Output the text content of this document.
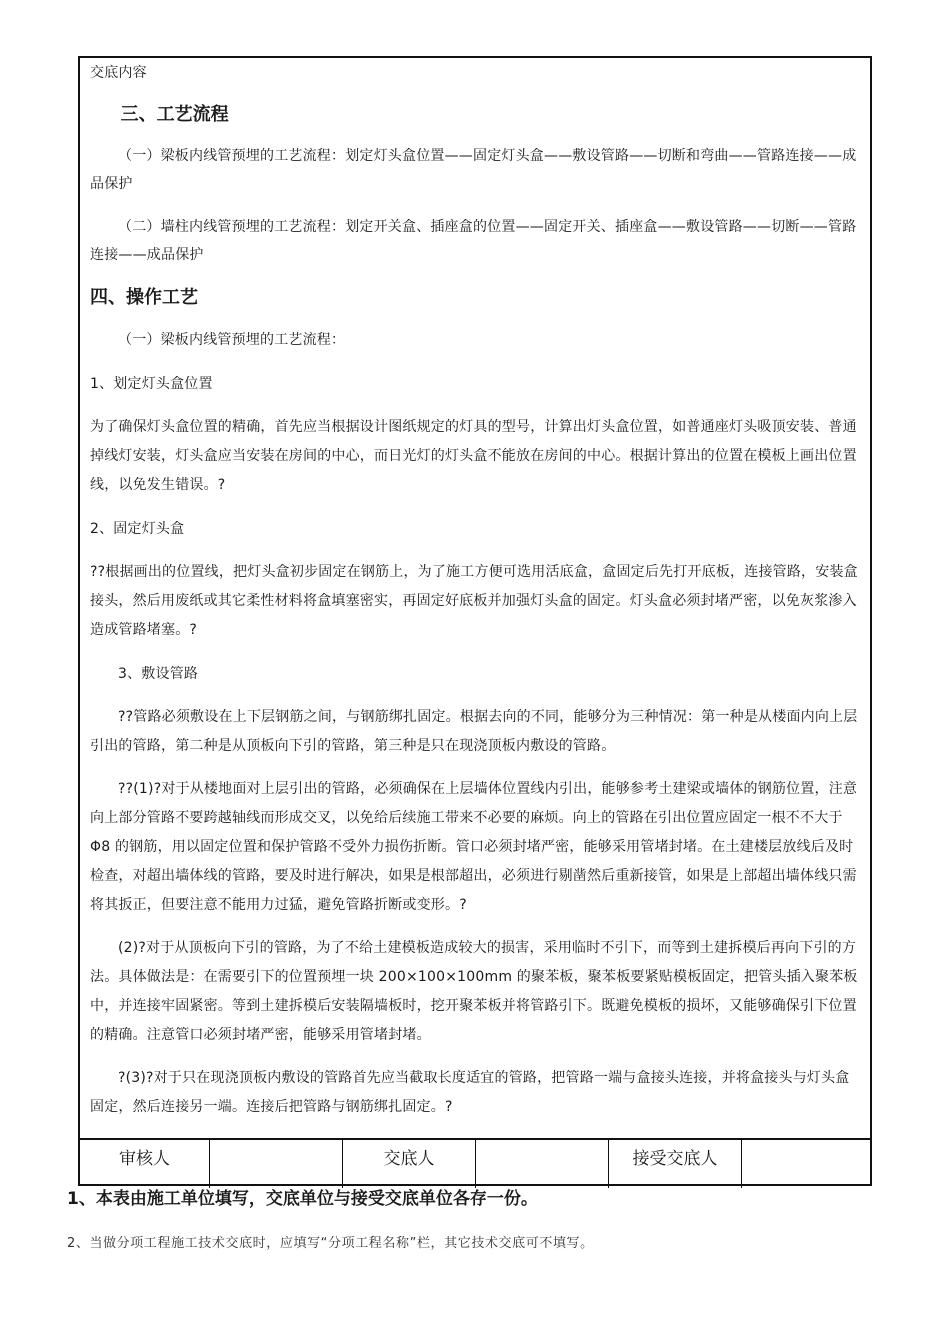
交底内容

三、工艺流程

（一）梁板内线管预埋的工艺流程：划定灯头盒位置——固定灯头盒——敷设管路——切断和弯曲——管路连接——成品保护

（二）墙柱内线管预埋的工艺流程：划定开关盒、插座盒的位置——固定开关、插座盒——敷设管路——切断——管路连接——成品保护

四、操作工艺

（一）梁板内线管预埋的工艺流程：

1、划定灯头盒位置

为了确保灯头盒位置的精确，首先应当根据设计图纸规定的灯具的型号，计算出灯头盒位置，如普通座灯头吸顶安装、普通掉线灯安装，灯头盒应当安装在房间的中心，而日光灯的灯头盒不能放在房间的中心。根据计算出的位置在模板上画出位置线，以免发生错误。?

2、固定灯头盒

??根据画出的位置线，把灯头盒初步固定在钢筋上，为了施工方便可选用活底盒，盒固定后先打开底板，连接管路，安装盒接头，然后用废纸或其它柔性材料将盒填塞密实，再固定好底板并加强灯头盒的固定。灯头盒必须封堵严密，以免灰浆渗入造成管路堵塞。?

3、敷设管路

??管路必须敷设在上下层钢筋之间，与钢筋绑扎固定。根据去向的不同，能够分为三种情况：第一种是从楼面内向上层引出的管路，第二种是从顶板向下引的管路，第三种是只在现浇顶板内敷设的管路。

??(1)?对于从楼地面对上层引出的管路，必须确保在上层墙体位置线内引出，能够参考土建梁或墙体的钢筋位置，注意向上部分管路不要跨越轴线而形成交叉，以免给后续施工带来不必要的麻烦。向上的管路在引出位置应固定一根不不大于 Φ8 的钢筋，用以固定位置和保护管路不受外力损伤折断。管口必须封堵严密，能够采用管堵封堵。在土建楼层放线后及时检查，对超出墙体线的管路，要及时进行解决，如果是根部超出，必须进行剔凿然后重新接管，如果是上部超出墙体线只需将其扳正，但要注意不能用力过猛，避免管路折断或变形。?

(2)?对于从顶板向下引的管路，为了不给土建模板造成较大的损害，采用临时不引下，而等到土建拆模后再向下引的方法。具体做法是：在需要引下的位置预埋一块 200×100×100mm 的聚苯板，聚苯板要紧贴模板固定，把管头插入聚苯板中，并连接牢固紧密。等到土建拆模后安装隔墙板时，挖开聚苯板并将管路引下。既避免模板的损坏，又能够确保引下位置的精确。注意管口必须封堵严密，能够采用管堵封堵。

?(3)?对于只在现浇顶板内敷设的管路首先应当截取长度适宜的管路，把管路一端与盒接头连接，并将盒接头与灯头盒固定，然后连接另一端。连接后把管路与钢筋绑扎固定。?

审核人	交底人	接受交底人

1、本表由施工单位填写，交底单位与接受交底单位各存一份。

2、当做分项工程施工技术交底时，应填写“分项工程名称”栏，其它技术交底可不填写。
